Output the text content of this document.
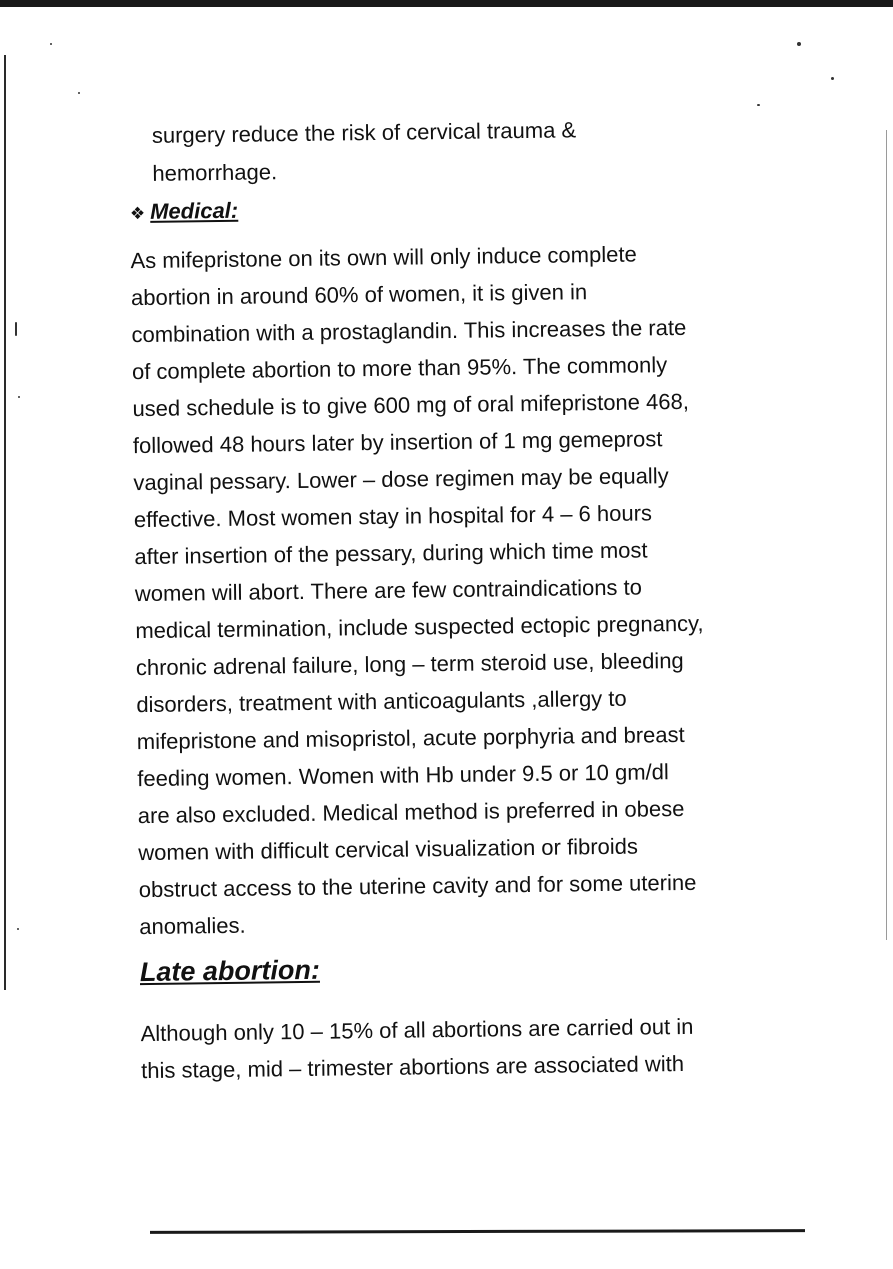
surgery reduce the risk of cervical trauma &
hemorrhage.
❖ Medical:
As mifepristone on its own will only induce complete
abortion in around 60% of women, it is given in
combination with a prostaglandin. This increases the rate
of complete abortion to more than 95%. The commonly
used schedule is to give 600 mg of oral mifepristone 468,
followed 48 hours later by insertion of 1 mg gemeprost
vaginal pessary. Lower – dose regimen may be equally
effective. Most women stay in hospital for 4 – 6 hours
after insertion of the pessary, during which time most
women will abort. There are few contraindications to
medical termination, include suspected ectopic pregnancy,
chronic adrenal failure, long – term steroid use, bleeding
disorders, treatment with anticoagulants ,allergy to
mifepristone and misopristol, acute porphyria and breast
feeding women. Women with Hb under 9.5 or 10 gm/dl
are also excluded. Medical method is preferred in obese
women with difficult cervical visualization or fibroids
obstruct access to the uterine cavity and for some uterine
anomalies.
Late abortion:
Although only 10 – 15% of all abortions are carried out in
this stage, mid – trimester abortions are associated with
